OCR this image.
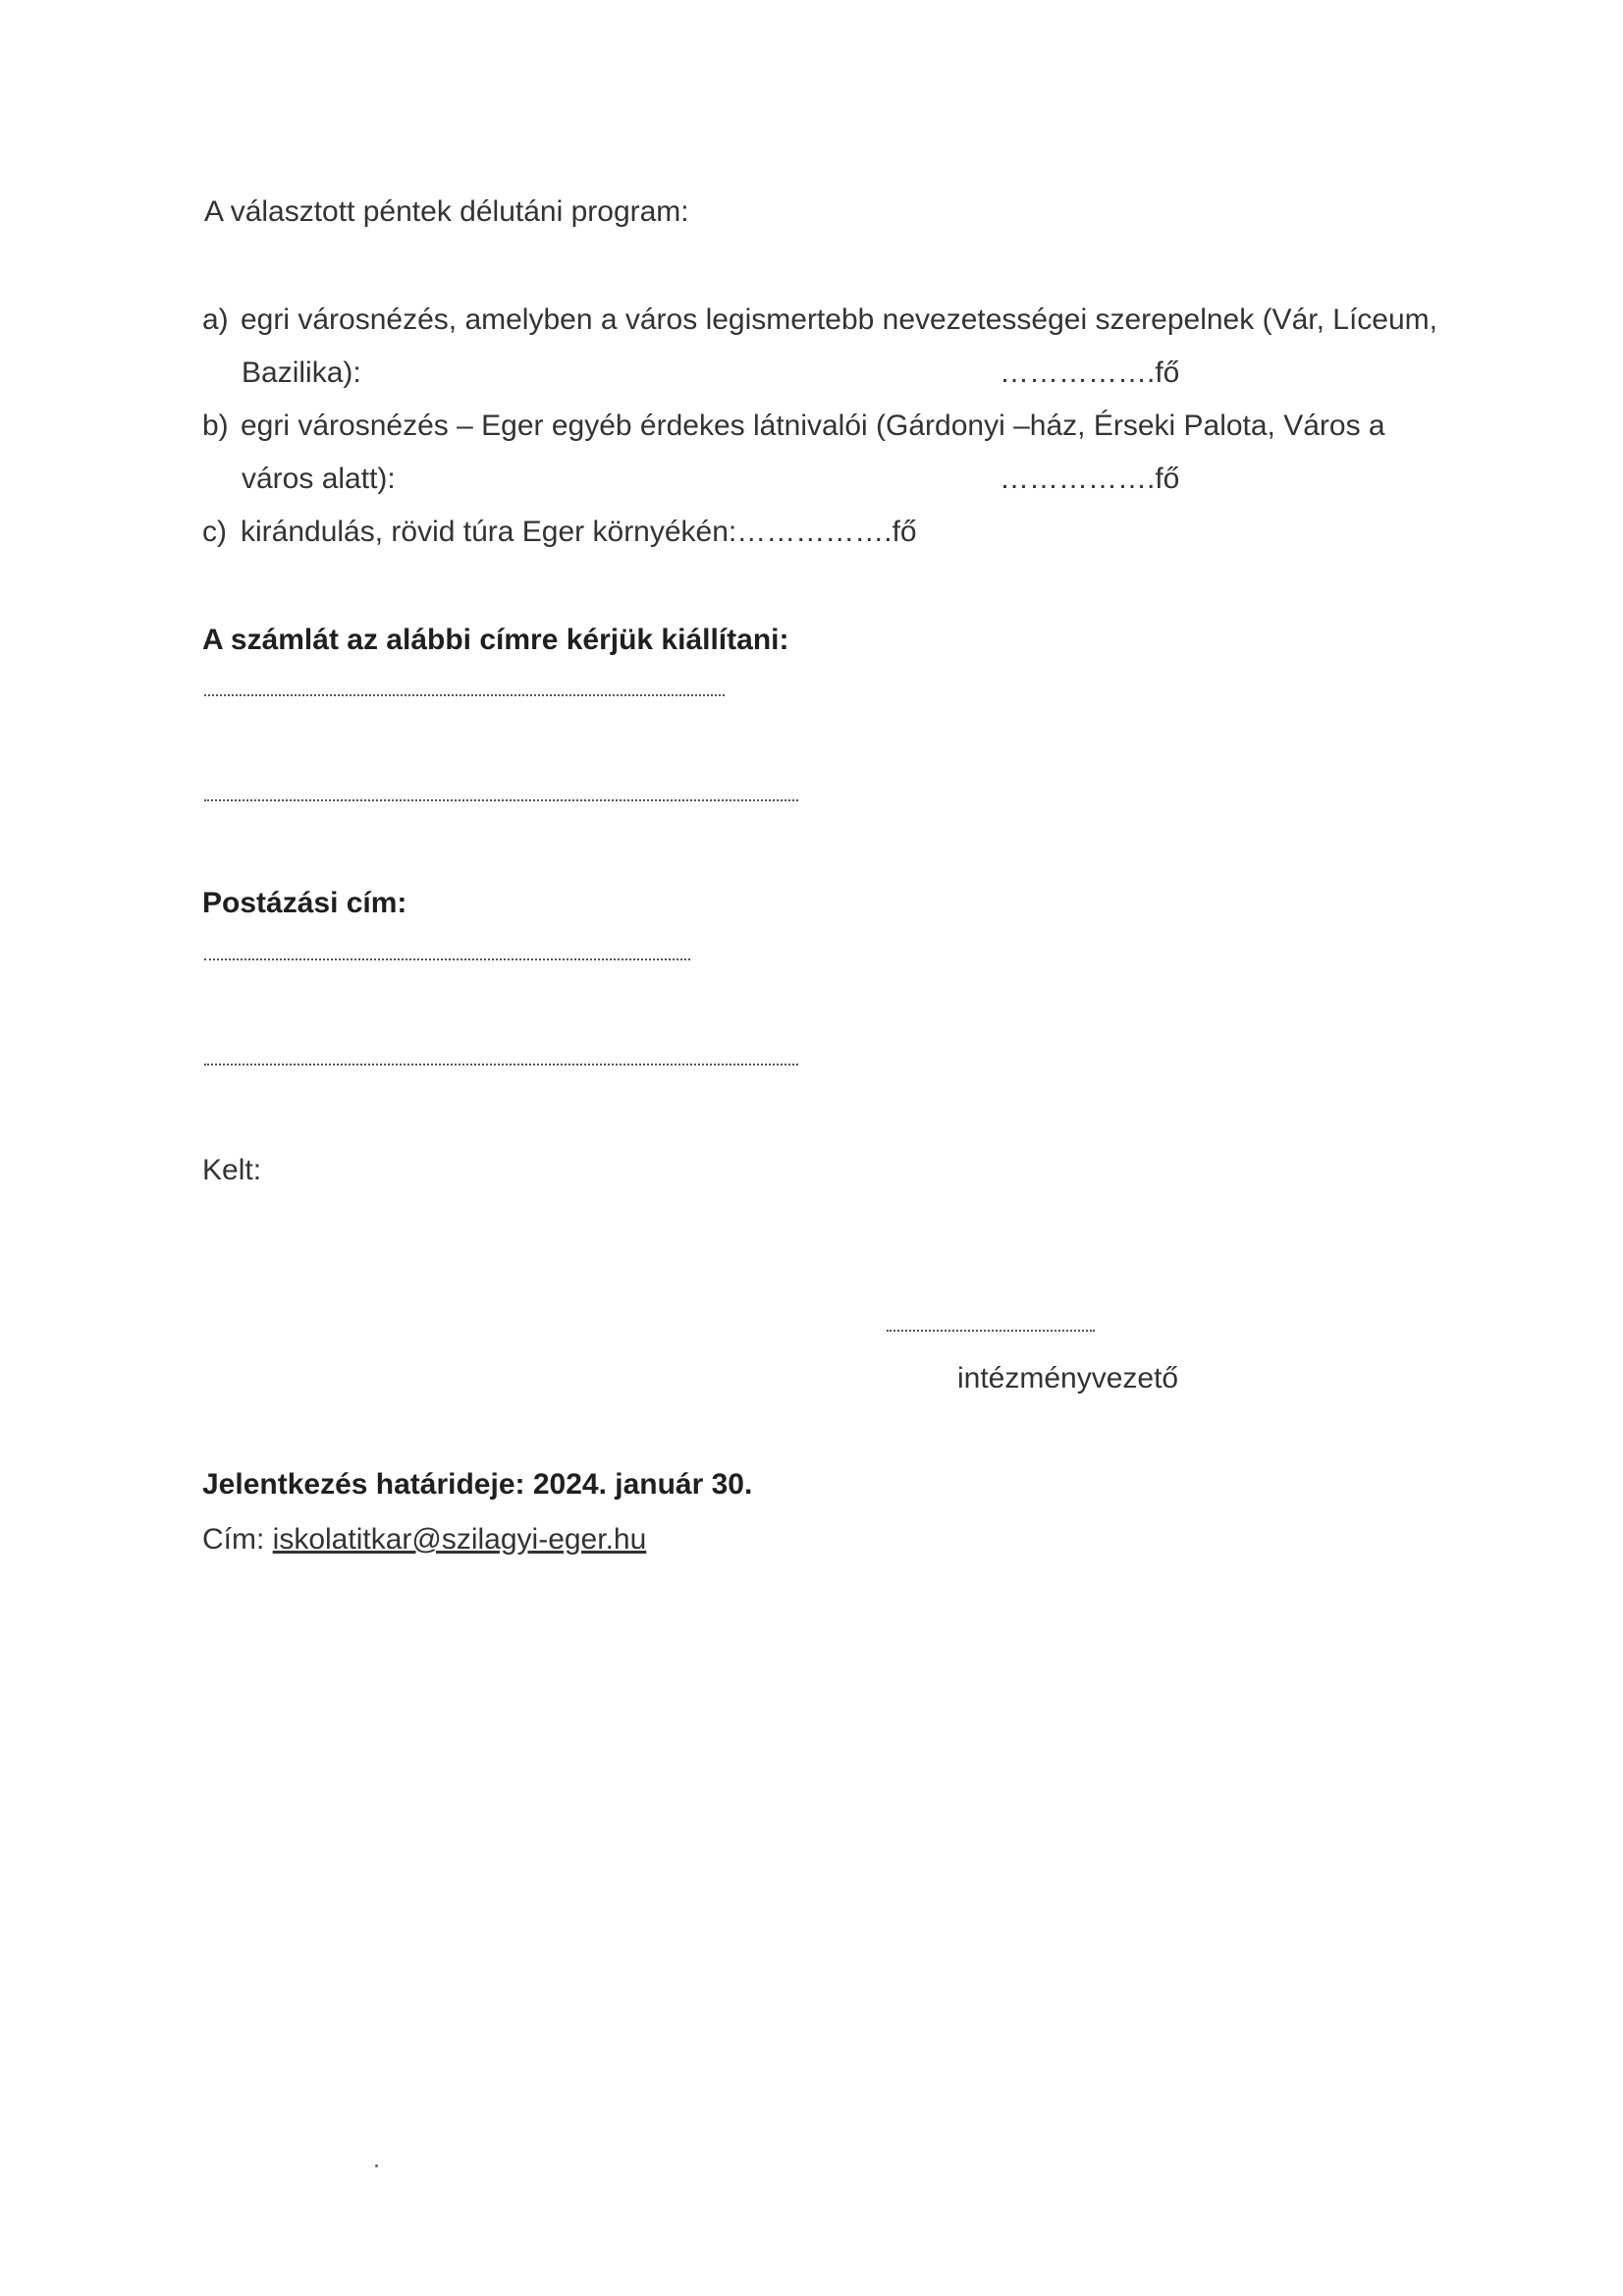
A választott péntek délutáni program:
a) egri városnézés, amelyben a város legismertebb nevezetességei szerepelnek (Vár, Líceum,
Bazilika):	…………….fő
b) egri városnézés – Eger egyéb érdekes látnivalói (Gárdonyi –ház, Érseki Palota, Város a
város alatt):	…………….fő
c) kirándulás, rövid túra Eger környékén:…………….fő
A számlát az alábbi címre kérjük kiállítani:
Postázási cím:
Kelt:
intézményvezető
Jelentkezés határideje: 2024. január 30.
Cím: iskolatitkar@szilagyi-eger.hu
